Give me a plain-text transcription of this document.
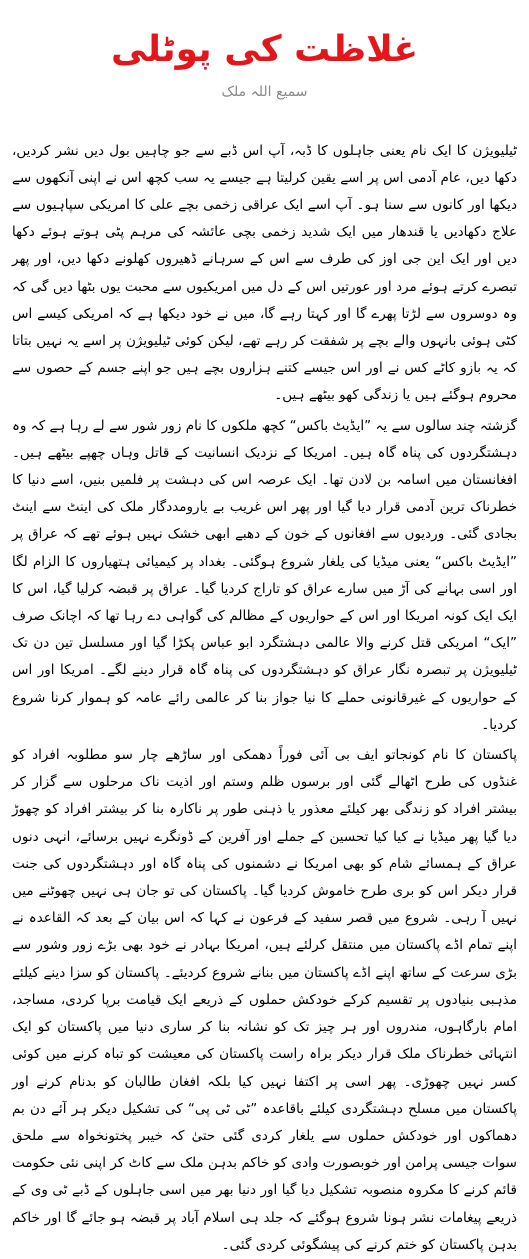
غلاظت کی پوٹلی
سمیع اللہ ملک

ٹیلیویژن کا ایک نام یعنی جاہلوں کا ڈبہ، آپ اس ڈبے سے جو چاہیں بول دیں نشر کردیں، دکھا دیں، عام آدمی اس پر اسے یقین کرلیتا ہے جیسے یہ سب کچھ اس نے اپنی آنکھوں سے دیکھا اور کانوں سے سنا ہو۔ آپ اسے ایک عراقی زخمی بچے علی کا امریکی سپاہیوں سے علاج دکھادیں یا قندھار میں ایک شدید زخمی بچی عائشہ کی مرہم پٹی ہوتے ہوئے دکھا دیں اور ایک این جی اوز کی طرف سے اس کے سرہانے ڈھیروں کھلونے دکھا دیں، اور پھر تبصرے کرتے ہوئے مرد اور عورتیں اس کے دل میں امریکیوں سے محبت یوں بٹھا دیں گی کہ وہ دوسروں سے لڑتا پھرے گا اور کہتا رہے گا، میں نے خود دیکھا ہے کہ امریکی کیسے اس کٹی ہوئی بانہوں والے بچے پر شفقت کر رہے تھے، لیکن کوئی ٹیلیویژن پر اسے یہ نہیں بتاتا کہ یہ بازو کاٹے کس نے اور اس جیسے کتنے ہزاروں بچے ہیں جو اپنے جسم کے حصوں سے محروم ہوگئے ہیں یا زندگی کھو بیٹھے ہیں۔

گزشتہ چند سالوں سے یہ ”ایڈیٹ باکس“ کچھ ملکوں کا نام زور شور سے لے رہا ہے کہ وہ دہشتگردوں کی پناہ گاہ ہیں۔ امریکا کے نزدیک انسانیت کے قاتل وہاں چھپے بیٹھے ہیں۔ افغانستان میں اسامہ بن لادن تھا۔ ایک عرصہ اس کی دہشت پر فلمیں بنیں، اسے دنیا کا خطرناک ترین آدمی قرار دیا گیا اور پھر اس غریب بے یارومددگار ملک کی اینٹ سے اینٹ بجادی گئی۔ وردیوں سے افغانوں کے خون کے دھبے ابھی خشک نہیں ہوئے تھے کہ عراق پر ”ایڈیٹ باکس“ یعنی میڈیا کی یلغار شروع ہوگئی۔ بغداد پر کیمیائی ہتھیاروں کا الزام لگا اور اسی بہانے کی آڑ میں سارے عراق کو تاراج کردیا گیا۔ عراق پر قبضہ کرلیا گیا، اس کا ایک ایک کونہ امریکا اور اس کے حواریوں کے مظالم کی گواہی دے رہا تھا کہ اچانک صرف ”ایک“ امریکی قتل کرنے والا عالمی دہشتگرد ابو عباس پکڑا گیا اور مسلسل تین دن تک ٹیلیویژن پر تبصرہ نگار عراق کو دہشتگردوں کی پناہ گاہ قرار دینے لگے۔ امریکا اور اس کے حواریوں کے غیرقانونی حملے کا نیا جواز بنا کر عالمی رائے عامہ کو ہموار کرنا شروع کردیا۔

پاکستان کا نام کونجاتو ایف بی آئی فوراً دھمکی اور ساڑھے چار سو مطلوبہ افراد کو غنڈوں کی طرح اٹھالے گئی اور برسوں ظلم وستم اور اذیت ناک مرحلوں سے گزار کر بیشتر افراد کو زندگی بھر کیلئے معذور یا ذہنی طور پر ناکارہ بنا کر بیشتر افراد کو چھوڑ دیا گیا پھر میڈیا نے کیا کیا تحسین کے جملے اور آفرین کے ڈونگرے نہیں برسائے، انہی دنوں عراق کے ہمسائے شام کو بھی امریکا نے دشمنوں کی پناہ گاہ اور دہشتگردوں کی جنت قرار دیکر اس کو بری طرح خاموش کردیا گیا۔ پاکستان کی تو جان ہی نہیں چھوٹنے میں نہیں آ رہی۔ شروع میں قصر سفید کے فرعون نے کہا کہ اس بیان کے بعد کہ القاعدہ نے اپنے تمام اڈے پاکستان میں منتقل کرلئے ہیں، امریکا بہادر نے خود بھی بڑے زور وشور سے بڑی سرعت کے ساتھ اپنے اڈے پاکستان میں بنانے شروع کردیئے۔ پاکستان کو سزا دینے کیلئے مذہبی بنیادوں پر تقسیم کرکے خودکش حملوں کے ذریعے ایک قیامت برپا کردی، مساجد، امام بارگاہوں، مندروں اور ہر چیز تک کو نشانہ بنا کر ساری دنیا میں پاکستان کو ایک انتہائی خطرناک ملک قرار دیکر براہ راست پاکستان کی معیشت کو تباہ کرنے میں کوئی کسر نہیں چھوڑی۔ پھر اسی پر اکتفا نہیں کیا بلکہ افغان طالبان کو بدنام کرنے اور پاکستان میں مسلح دہشتگردی کیلئے باقاعدہ ”ٹی ٹی پی“ کی تشکیل دیکر ہر آئے دن بم دھماکوں اور خودکش حملوں سے یلغار کردی گئی حتیٰ کہ خیبر پختونخواہ سے ملحق سوات جیسی پرامن اور خوبصورت وادی کو خاکم بدہن ملک سے کاٹ کر اپنی نئی حکومت قائم کرنے کا مکروہ منصوبہ تشکیل دیا گیا اور دنیا بھر میں اسی جاہلوں کے ڈبے ٹی وی کے ذریعے پیغامات نشر ہونا شروع ہوگئے کہ جلد ہی اسلام آباد پر قبضہ ہو جائے گا اور خاکم بدہن پاکستان کو ختم کرنے کی پیشگوئی کردی گئی۔
